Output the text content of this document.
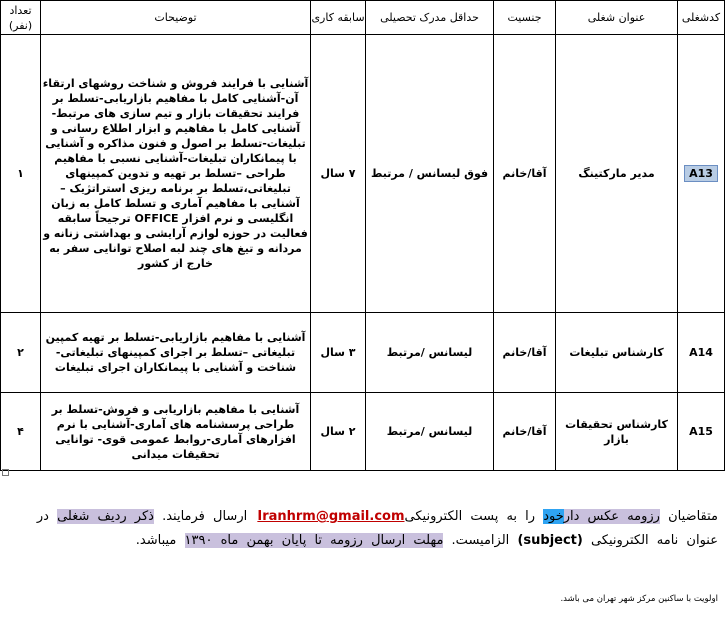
کدشغلی	عنوان شغلی	جنسیت	حداقل مدرک تحصیلی	سابقه کاری	توضیحات	تعداد (نفر)
A13	مدیر مارکتینگ	آقا/خانم	فوق لیسانس / مرتبط	۷ سال	آشنایی با فرایند فروش و شناخت روشهای ارتقاء آن-آشنایی کامل با مفاهیم بازاریابی-تسلط بر فرایند تحقیقات بازار و تیم سازی های مرتبط-آشنایی کامل با مفاهیم و ابزار اطلاع رسانی و تبلیغات-تسلط بر اصول و فنون مذاکره و آشنایی با پیمانکاران تبلیغات-آشنایی نسبی با مفاهیم طراحی –تسلط بر تهیه و تدوین کمپینهای تبلیغاتی،تسلط بر برنامه ریزی استراتژیک –آشنایی با مفاهیم آماری و تسلط کامل به زبان انگلیسی و نرم افزار OFFICE ترجیحاً سابقه فعالیت در حوزه لوازم آرایشی و بهداشتی زنانه و مردانه و تیغ های چند لبه اصلاح توانایی سفر به خارج از کشور	۱
A14	کارشناس تبلیغات	آقا/خانم	لیسانس /مرتبط	۳ سال	آشنایی با مفاهیم بازاریابی-تسلط بر تهیه کمپین تبلیغاتی –تسلط بر اجرای کمپینهای تبلیغاتی-شناخت و آشنایی با پیمانکاران اجرای تبلیغات	۲
A15	کارشناس تحقیقات بازار	آقا/خانم	لیسانس /مرتبط	۲ سال	آشنایی با مفاهیم بازاریابی و فروش-تسلط بر طراحی پرسشنامه های آماری-آشنایی با نرم افزارهای آماری-روابط عمومی قوی- توانایی تحقیقات میدانی	۴
متقاضیان رزومه عکس دارخود را به پست الکترونیکیIranhrm@gmail.com ارسال فرمایند. ذکر ردیف شغلی در عنوان نامه الکترونیکی (subject) الزامیست. مهلت ارسال رزومه تا پایان بهمن ماه ۱۳۹۰ میباشد.
اولویت با ساکنین مرکز شهر تهران می باشد.
